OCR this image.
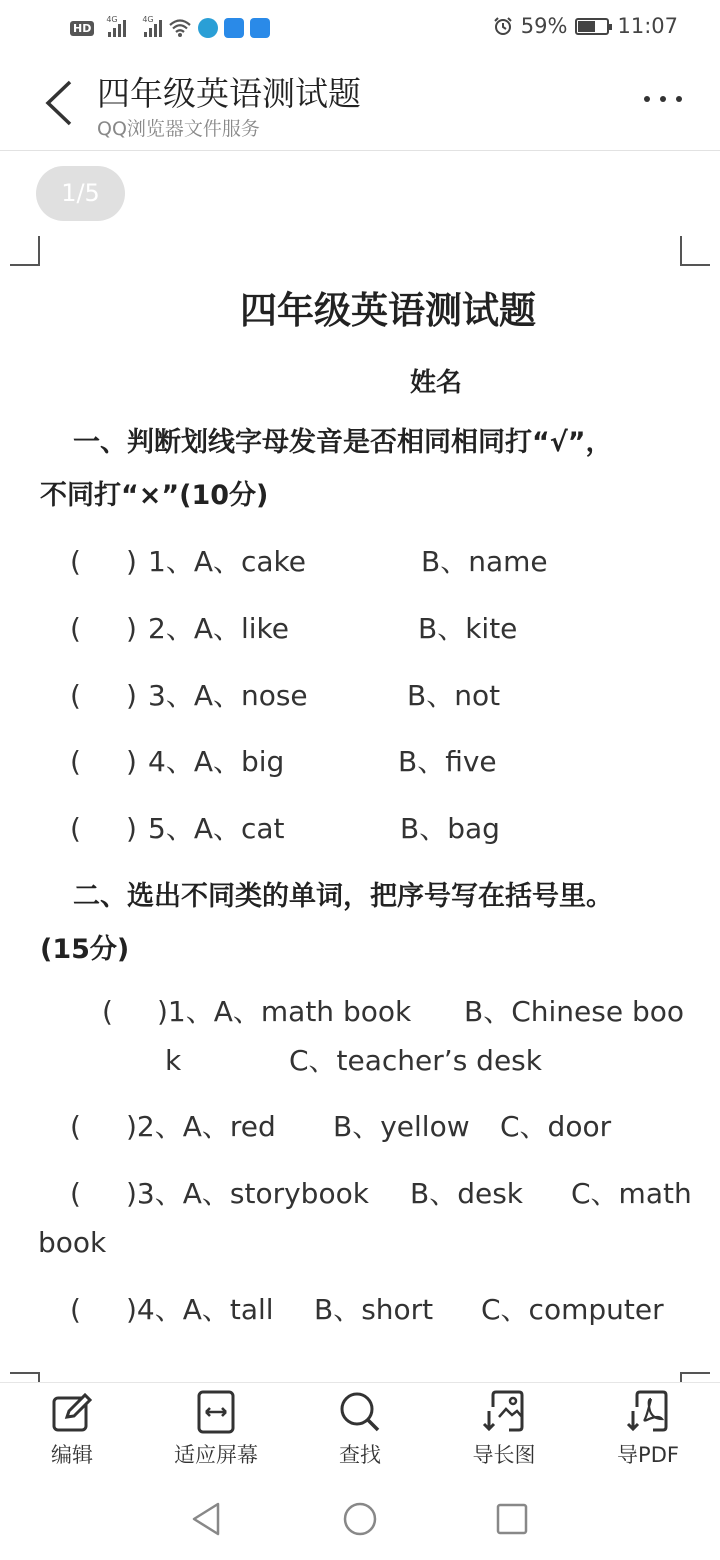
HD
4G	4G	59% 11:07
四年级英语测试题
QQ浏览器文件服务
1/5
四年级英语测试题
姓名
一、判断划线字母发音是否相同相同打“√”，
不同打“×”(10分)
( ) 1、A、cake	B、name
( ) 2、A、like	B、kite
( ) 3、A、nose	B、not
( ) 4、A、big	B、five
( ) 5、A、cat	B、bag
二、选出不同类的单词，把序号写在括号里。
(15分)
( )1、A、math book B、Chinese boo
k	C、teacher’s desk
( )2、A、red B、yellow C、door
( )3、A、storybook B、desk C、math
book
( )4、A、tall B、short C、computer
编辑	适应屏幕	查找	导长图	导PDF
